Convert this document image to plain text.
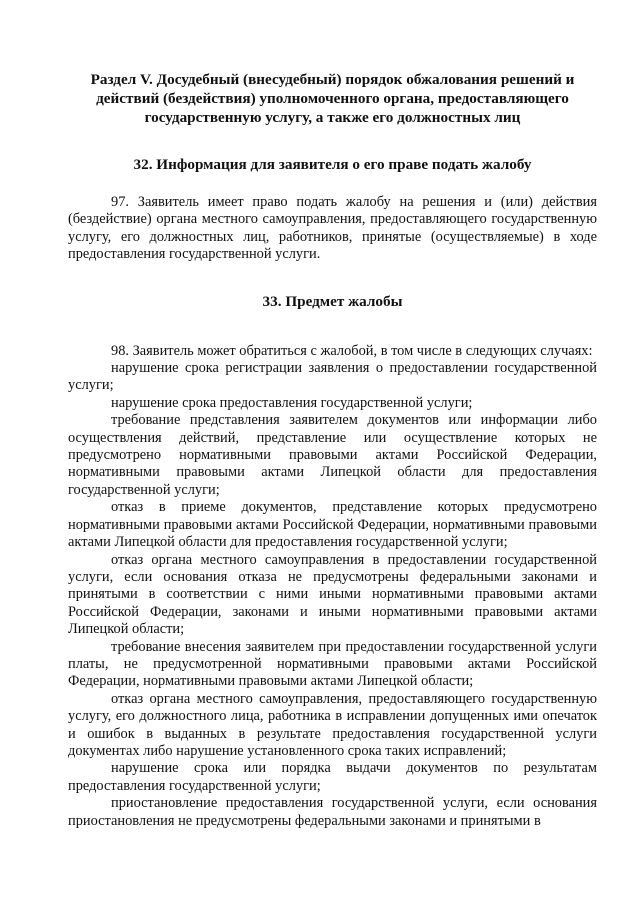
Раздел V. Досудебный (внесудебный) порядок обжалования решений и действий (бездействия) уполномоченного органа, предоставляющего государственную услугу, а также его должностных лиц
32. Информация для заявителя о его праве подать жалобу

97. Заявитель имеет право подать жалобу на решения и (или) действия (бездействие) органа местного самоуправления, предоставляющего государственную услугу, его должностных лиц, работников, принятые (осуществляемые) в ходе предоставления государственной услуги.

33. Предмет жалобы

98. Заявитель может обратиться с жалобой, в том числе в следующих случаях:

нарушение срока регистрации заявления о предоставлении государственной услуги;

нарушение срока предоставления государственной услуги;

требование представления заявителем документов или информации либо осуществления действий, представление или осуществление которых не предусмотрено нормативными правовыми актами Российской Федерации, нормативными правовыми актами Липецкой области для предоставления государственной услуги;

отказ в приеме документов, представление которых предусмотрено нормативными правовыми актами Российской Федерации, нормативными правовыми актами Липецкой области для предоставления государственной услуги;

отказ органа местного самоуправления в предоставлении государственной услуги, если основания отказа не предусмотрены федеральными законами и принятыми в соответствии с ними иными нормативными правовыми актами Российской Федерации, законами и иными нормативными правовыми актами Липецкой области;

требование внесения заявителем при предоставлении государственной услуги платы, не предусмотренной нормативными правовыми актами Российской Федерации, нормативными правовыми актами Липецкой области;

отказ органа местного самоуправления, предоставляющего государственную услугу, его должностного лица, работника в исправлении допущенных ими опечаток и ошибок в выданных в результате предоставления государственной услуги документах либо нарушение установленного срока таких исправлений;

нарушение срока или порядка выдачи документов по результатам предоставления государственной услуги;

приостановление предоставления государственной услуги, если основания приостановления не предусмотрены федеральными законами и принятыми в
